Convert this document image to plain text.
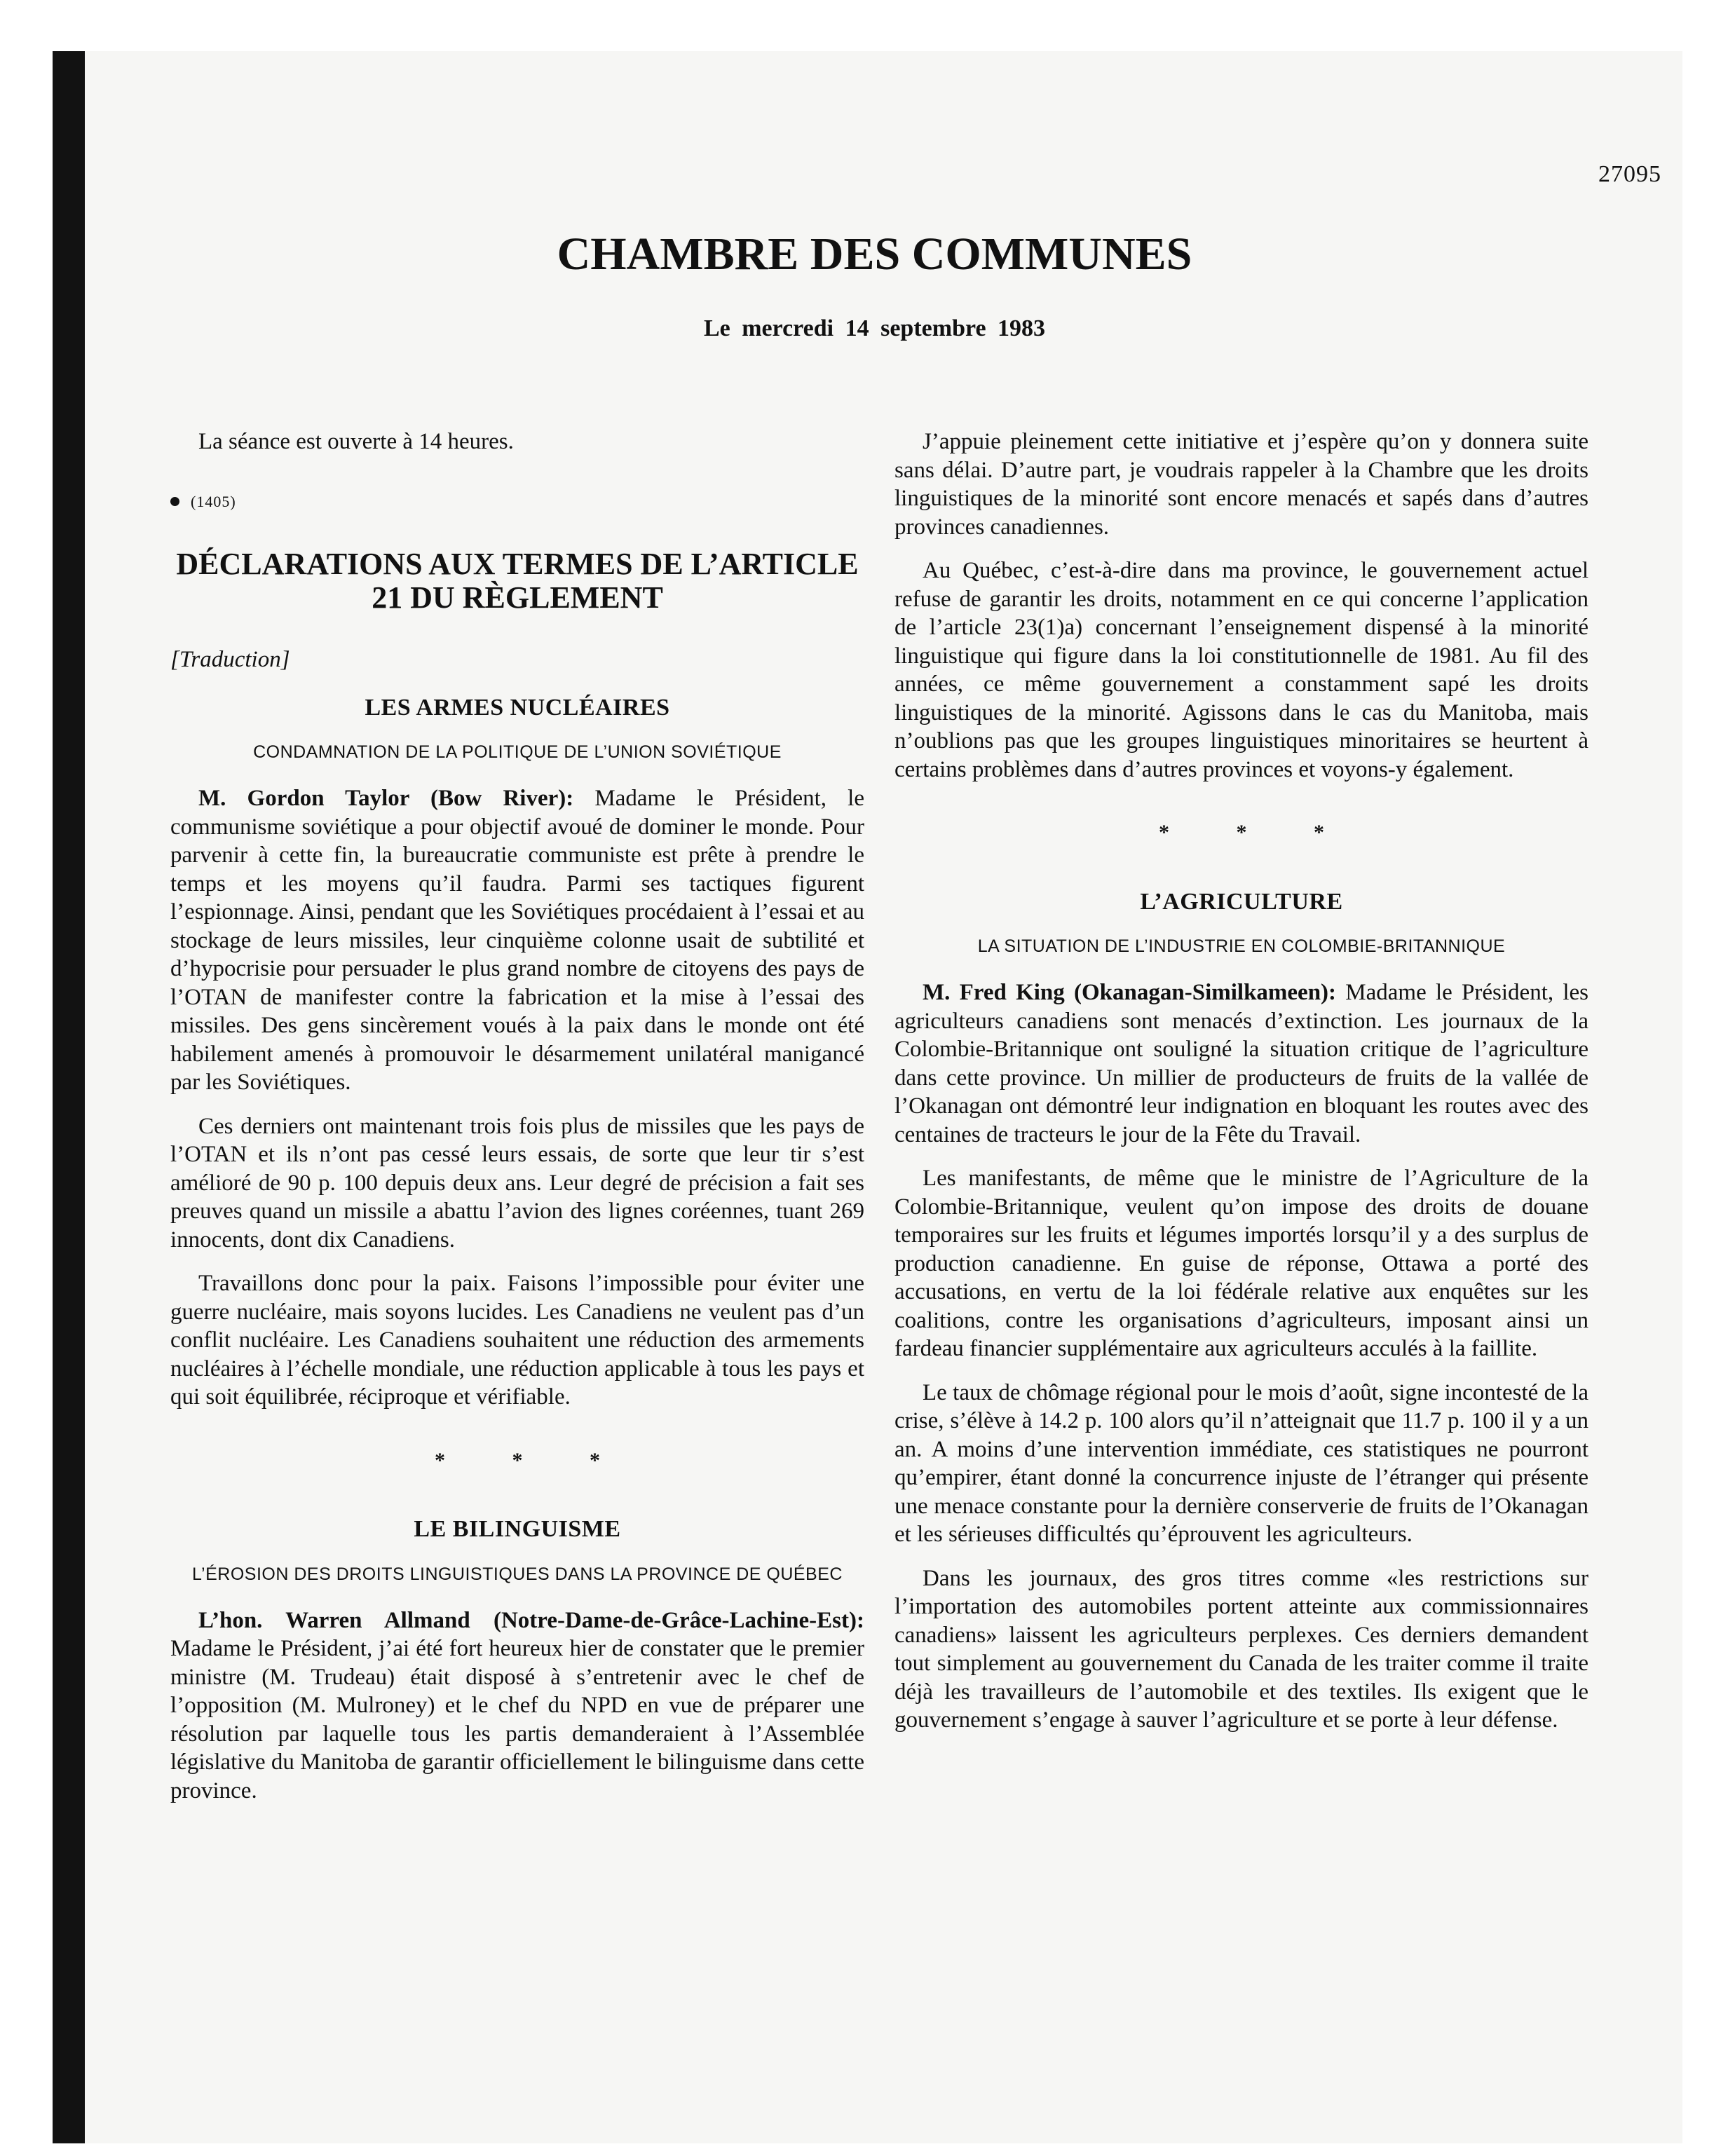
27095
CHAMBRE DES COMMUNES
Le mercredi 14 septembre 1983

La séance est ouverte à 14 heures.

(1405)
DÉCLARATIONS AUX TERMES DE L’ARTICLE 21 DU RÈGLEMENT
[Traduction]
LES ARMES NUCLÉAIRES
CONDAMNATION DE LA POLITIQUE DE L’UNION SOVIÉTIQUE

M. Gordon Taylor (Bow River): Madame le Président, le communisme soviétique a pour objectif avoué de dominer le monde. Pour parvenir à cette fin, la bureaucratie communiste est prête à prendre le temps et les moyens qu’il faudra. Parmi ses tactiques figurent l’espionnage. Ainsi, pendant que les Soviétiques procédaient à l’essai et au stockage de leurs missiles, leur cinquième colonne usait de subtilité et d’hypocrisie pour persuader le plus grand nombre de citoyens des pays de l’OTAN de manifester contre la fabrication et la mise à l’essai des missiles. Des gens sincèrement voués à la paix dans le monde ont été habilement amenés à promouvoir le désarmement unilatéral manigancé par les Soviétiques.

Ces derniers ont maintenant trois fois plus de missiles que les pays de l’OTAN et ils n’ont pas cessé leurs essais, de sorte que leur tir s’est amélioré de 90 p. 100 depuis deux ans. Leur degré de précision a fait ses preuves quand un missile a abattu l’avion des lignes coréennes, tuant 269 innocents, dont dix Canadiens.

Travaillons donc pour la paix. Faisons l’impossible pour éviter une guerre nucléaire, mais soyons lucides. Les Canadiens ne veulent pas d’un conflit nucléaire. Les Canadiens souhaitent une réduction des armements nucléaires à l’échelle mondiale, une réduction applicable à tous les pays et qui soit équilibrée, réciproque et vérifiable.

* * *
LE BILINGUISME
L’ÉROSION DES DROITS LINGUISTIQUES DANS LA PROVINCE DE QUÉBEC

L’hon. Warren Allmand (Notre-Dame-de-Grâce-Lachine-Est): Madame le Président, j’ai été fort heureux hier de constater que le premier ministre (M. Trudeau) était disposé à s’entretenir avec le chef de l’opposition (M. Mulroney) et le chef du NPD en vue de préparer une résolution par laquelle tous les partis demanderaient à l’Assemblée législative du Manitoba de garantir officiellement le bilinguisme dans cette province.

J’appuie pleinement cette initiative et j’espère qu’on y donnera suite sans délai. D’autre part, je voudrais rappeler à la Chambre que les droits linguistiques de la minorité sont encore menacés et sapés dans d’autres provinces canadiennes.

Au Québec, c’est-à-dire dans ma province, le gouvernement actuel refuse de garantir les droits, notamment en ce qui concerne l’application de l’article 23(1)a) concernant l’enseignement dispensé à la minorité linguistique qui figure dans la loi constitutionnelle de 1981. Au fil des années, ce même gouvernement a constamment sapé les droits linguistiques de la minorité. Agissons dans le cas du Manitoba, mais n’oublions pas que les groupes linguistiques minoritaires se heurtent à certains problèmes dans d’autres provinces et voyons-y également.

* * *
L’AGRICULTURE
LA SITUATION DE L’INDUSTRIE EN COLOMBIE-BRITANNIQUE

M. Fred King (Okanagan-Similkameen): Madame le Président, les agriculteurs canadiens sont menacés d’extinction. Les journaux de la Colombie-Britannique ont souligné la situation critique de l’agriculture dans cette province. Un millier de producteurs de fruits de la vallée de l’Okanagan ont démontré leur indignation en bloquant les routes avec des centaines de tracteurs le jour de la Fête du Travail.

Les manifestants, de même que le ministre de l’Agriculture de la Colombie-Britannique, veulent qu’on impose des droits de douane temporaires sur les fruits et légumes importés lorsqu’il y a des surplus de production canadienne. En guise de réponse, Ottawa a porté des accusations, en vertu de la loi fédérale relative aux enquêtes sur les coalitions, contre les organisations d’agriculteurs, imposant ainsi un fardeau financier supplémentaire aux agriculteurs acculés à la faillite.

Le taux de chômage régional pour le mois d’août, signe incontesté de la crise, s’élève à 14.2 p. 100 alors qu’il n’atteignait que 11.7 p. 100 il y a un an. A moins d’une intervention immédiate, ces statistiques ne pourront qu’empirer, étant donné la concurrence injuste de l’étranger qui présente une menace constante pour la dernière conserverie de fruits de l’Okanagan et les sérieuses difficultés qu’éprouvent les agriculteurs.

Dans les journaux, des gros titres comme «les restrictions sur l’importation des automobiles portent atteinte aux commissionnaires canadiens» laissent les agriculteurs perplexes. Ces derniers demandent tout simplement au gouvernement du Canada de les traiter comme il traite déjà les travailleurs de l’automobile et des textiles. Ils exigent que le gouvernement s’engage à sauver l’agriculture et se porte à leur défense.
